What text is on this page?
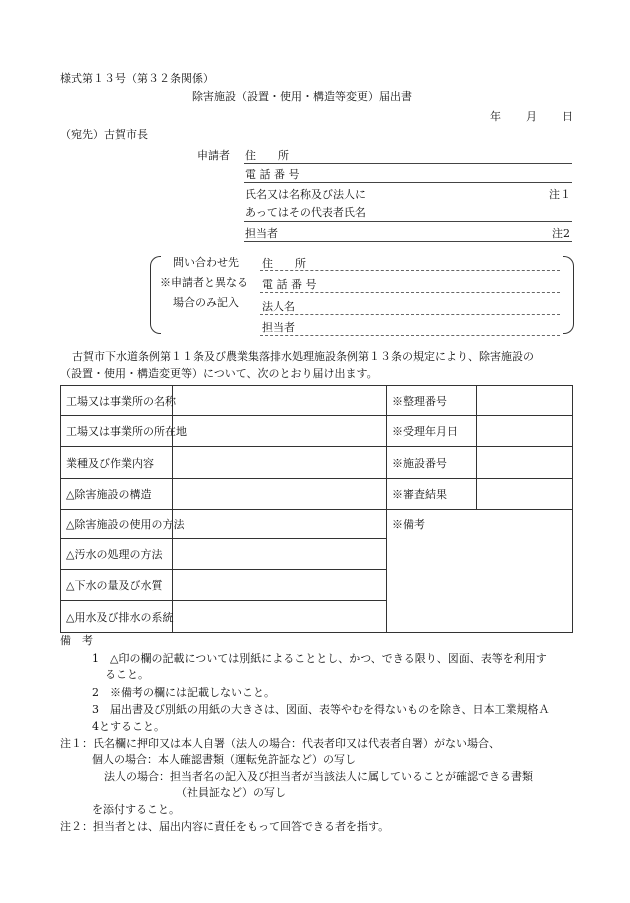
様式第１３号（第３２条関係）
除害施設（設置・使用・構造等変更）届出書
年 月 日
（宛先）古賀市長
申請者 住　　所
電 話 番 号
氏名又は名称及び法人に	注１
あってはその代表者氏名
担当者	注2
問い合わせ先
※申請者と異なる
場合のみ記入
住　　所
電 話 番 号
法人名
担当者
古賀市下水道条例第１１条及び農業集落排水処理施設条例第１３条の規定により、除害施設の
（設置・使用・構造変更等）について、次のとおり届け出ます。
工場又は事業所の名称		※整理番号	
工場又は事業所の所在地		※受理年月日	
業種及び作業内容		※施設番号	
△除害施設の構造		※審査結果	
△除害施設の使用の方法		※備考	
△汚水の処理の方法			
△下水の量及び水質			
△用水及び排水の系統			
備　考
1　△印の欄の記載については別紙によることとし、かつ、できる限り、図面、表等を利用す
ること。
2　※備考の欄には記載しないこと。
3　届出書及び別紙の用紙の大きさは、図面、表等やむを得ないものを除き、日本工業規格Ａ
4とすること。
注１：氏名欄に押印又は本人自署（法人の場合：代表者印又は代表者自署）がない場合、
個人の場合：本人確認書類（運転免許証など）の写し
法人の場合：担当者名の記入及び担当者が当該法人に属していることが確認できる書類
（社員証など）の写し
を添付すること。
注２：担当者とは、届出内容に責任をもって回答できる者を指す。
